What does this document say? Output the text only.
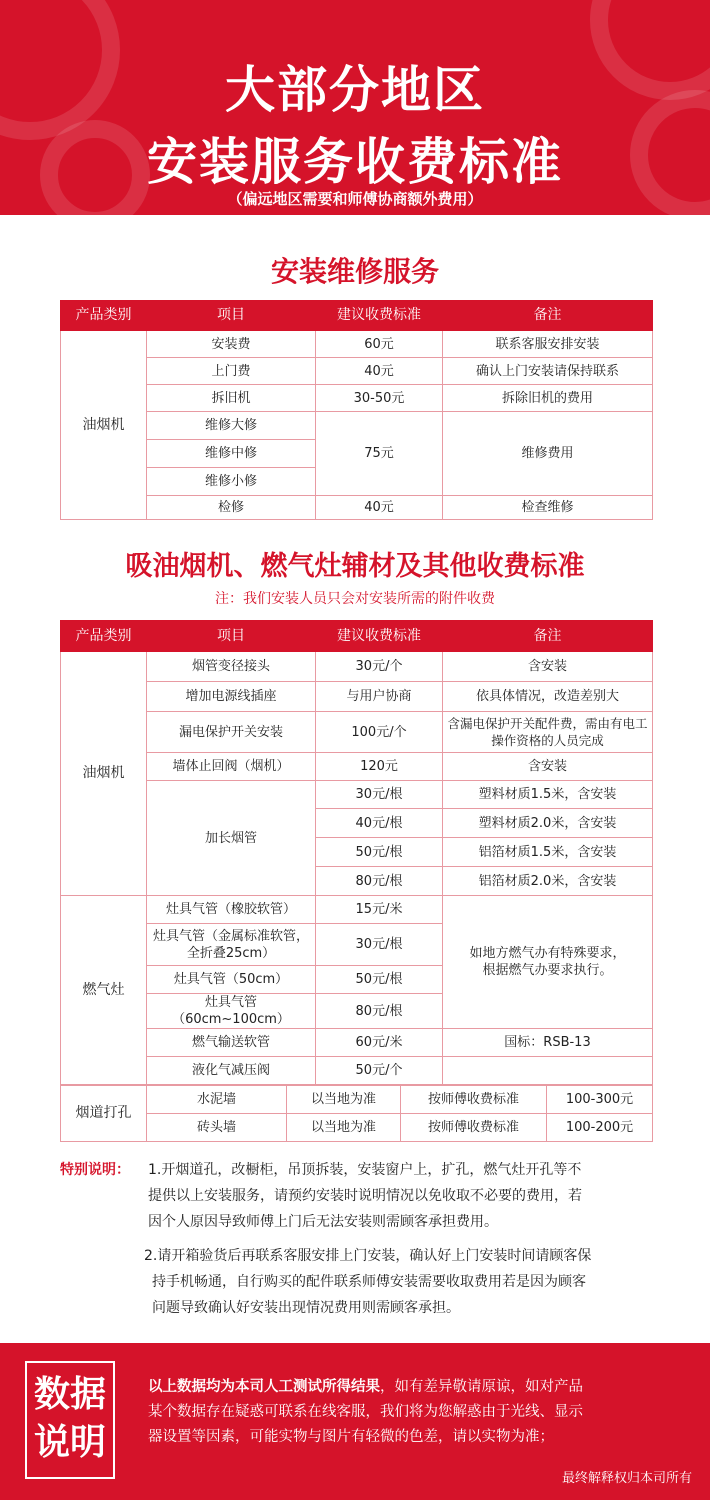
大部分地区
安装服务收费标准
（偏远地区需要和师傅协商额外费用）
安装维修服务
产品类别	项目	建议收费标准	备注
油烟机	安装费	60元	联系客服安排安装
	上门费	40元	确认上门安装请保持联系
	拆旧机	30-50元	拆除旧机的费用
	维修大修	75元	维修费用
	维修中修		
	维修小修		
	检修	40元	检查维修
吸油烟机、燃气灶辅材及其他收费标准
注：我们安装人员只会对安装所需的附件收费
产品类别	项目	建议收费标准	备注
油烟机	烟管变径接头	30元/个	含安装
	增加电源线插座	与用户协商	依具体情况，改造差别大
	漏电保护开关安装	100元/个	含漏电保护开关配件费，需由有电工操作资格的人员完成
	墙体止回阀（烟机）	120元	含安装
	加长烟管	30元/根	塑料材质1.5米，含安装
		40元/根	塑料材质2.0米，含安装
		50元/根	铝箔材质1.5米，含安装
		80元/根	铝箔材质2.0米，含安装
燃气灶	灶具气管（橡胶软管）	15元/米	如地方燃气办有特殊要求，根据燃气办要求执行。
	灶具气管（金属标准软管，全折叠25cm）	30元/根	
	灶具气管（50cm）	50元/根	
	灶具气管（60cm~100cm）	80元/根	
	燃气输送软管	60元/米	国标：RSB-13
	液化气减压阀	50元/个	
烟道打孔	水泥墙	以当地为准	按师傅收费标准	100-300元
	砖头墙	以当地为准	按师傅收费标准	100-200元
特别说明： 1.开烟道孔，改橱柜，吊顶拆装，安装窗户上，扩孔，燃气灶开孔等不
提供以上安装服务，请预约安装时说明情况以免收取不必要的费用，若
因个人原因导致师傅上门后无法安装则需顾客承担费用。
2.请开箱验货后再联系客服安排上门安装，确认好上门安装时间请顾客保
持手机畅通，自行购买的配件联系师傅安装需要收取费用若是因为顾客
问题导致确认好安装出现情况费用则需顾客承担。
数据
说明
以上数据均为本司人工测试所得结果，如有差异敬请原谅，如对产品
某个数据存在疑惑可联系在线客服，我们将为您解惑由于光线、显示
器设置等因素，可能实物与图片有轻微的色差，请以实物为准；
最终解释权归本司所有
